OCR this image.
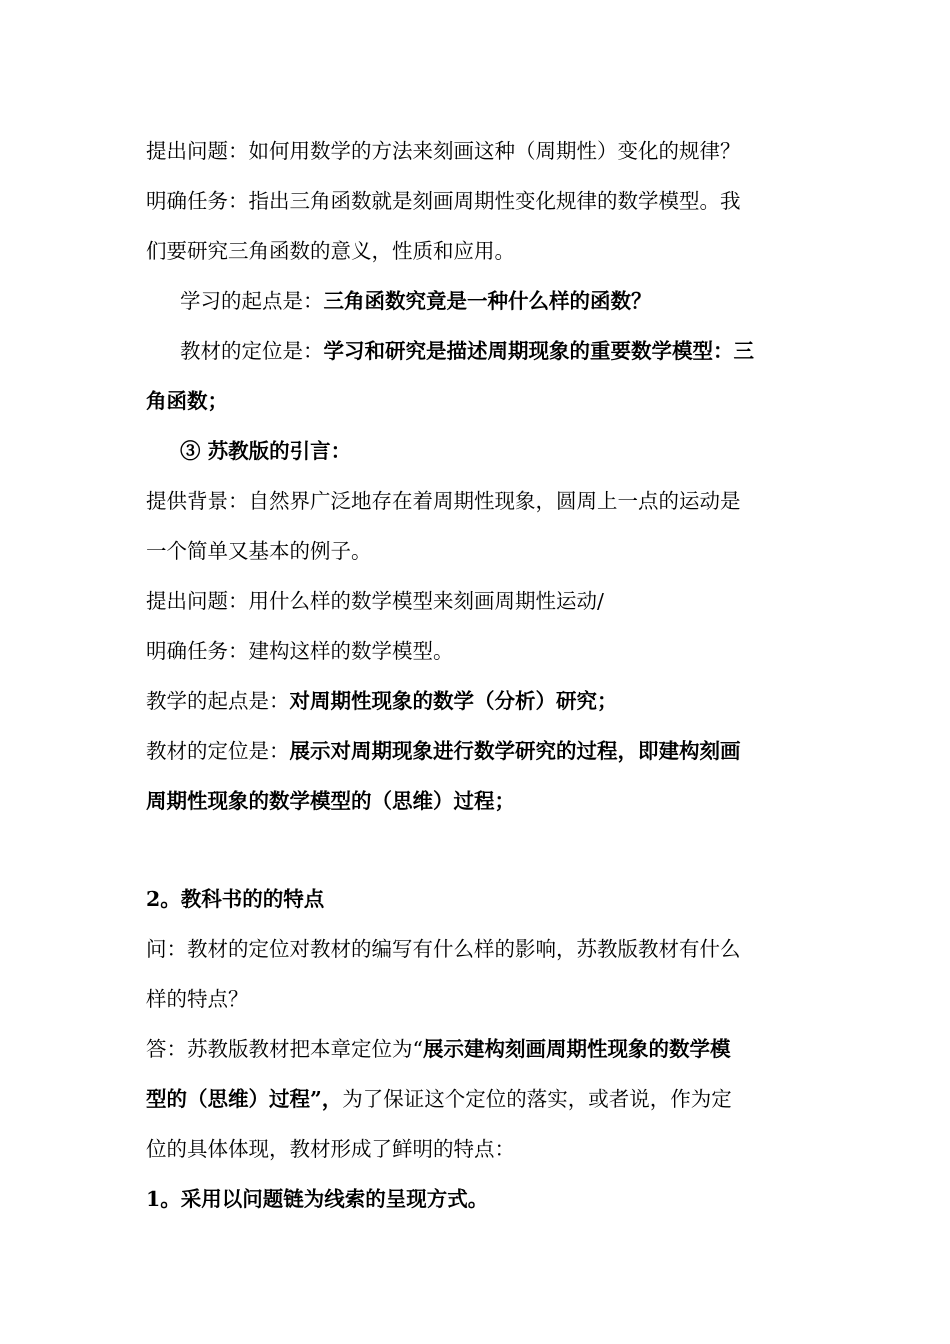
提出问题：如何用数学的方法来刻画这种（周期性）变化的规律？
明确任务：指出三角函数就是刻画周期性变化规律的数学模型。我
们要研究三角函数的意义，性质和应用。
学习的起点是：三角函数究竟是一种什么样的函数？
教材的定位是：学习和研究是描述周期现象的重要数学模型：三
角函数；
③ 苏教版的引言：
提供背景：自然界广泛地存在着周期性现象，圆周上一点的运动是
一个简单又基本的例子。
提出问题：用什么样的数学模型来刻画周期性运动/
明确任务：建构这样的数学模型。
教学的起点是：对周期性现象的数学（分析）研究；
教材的定位是：展示对周期现象进行数学研究的过程，即建构刻画
周期性现象的数学模型的（思维）过程；
2。教科书的的特点
问：教材的定位对教材的编写有什么样的影响，苏教版教材有什么
样的特点？
答：苏教版教材把本章定位为“展示建构刻画周期性现象的数学模
型的（思维）过程”，为了保证这个定位的落实，或者说，作为定
位的具体体现，教材形成了鲜明的特点：
1。采用以问题链为线索的呈现方式。
